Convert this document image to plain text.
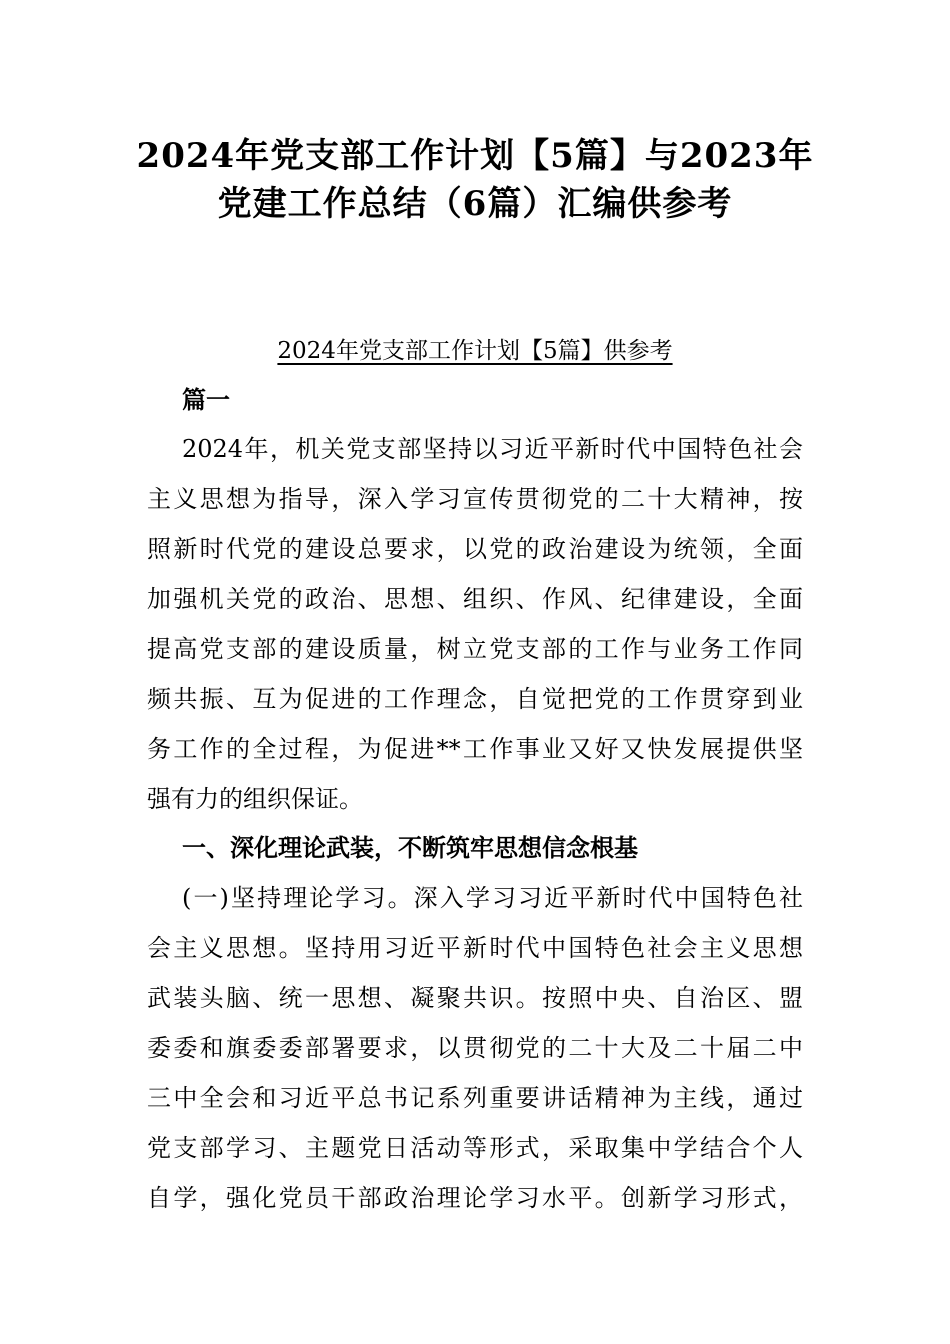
2024年党支部工作计划【5篇】与2023年
党建工作总结（6篇）汇编供参考
2024年党支部工作计划【5篇】供参考
篇一
2024年，机关党支部坚持以习近平新时代中国特色社会
主义思想为指导，深入学习宣传贯彻党的二十大精神，按
照新时代党的建设总要求，以党的政治建设为统领，全面
加强机关党的政治、思想、组织、作风、纪律建设，全面
提高党支部的建设质量，树立党支部的工作与业务工作同
频共振、互为促进的工作理念，自觉把党的工作贯穿到业
务工作的全过程，为促进**工作事业又好又快发展提供坚
强有力的组织保证。
一、深化理论武装，不断筑牢思想信念根基
(一)坚持理论学习。深入学习习近平新时代中国特色社
会主义思想。坚持用习近平新时代中国特色社会主义思想
武装头脑、统一思想、凝聚共识。按照中央、自治区、盟
委委和旗委委部署要求，以贯彻党的二十大及二十届二中
三中全会和习近平总书记系列重要讲话精神为主线，通过
党支部学习、主题党日活动等形式，采取集中学结合个人
自学，强化党员干部政治理论学习水平。创新学习形式，
